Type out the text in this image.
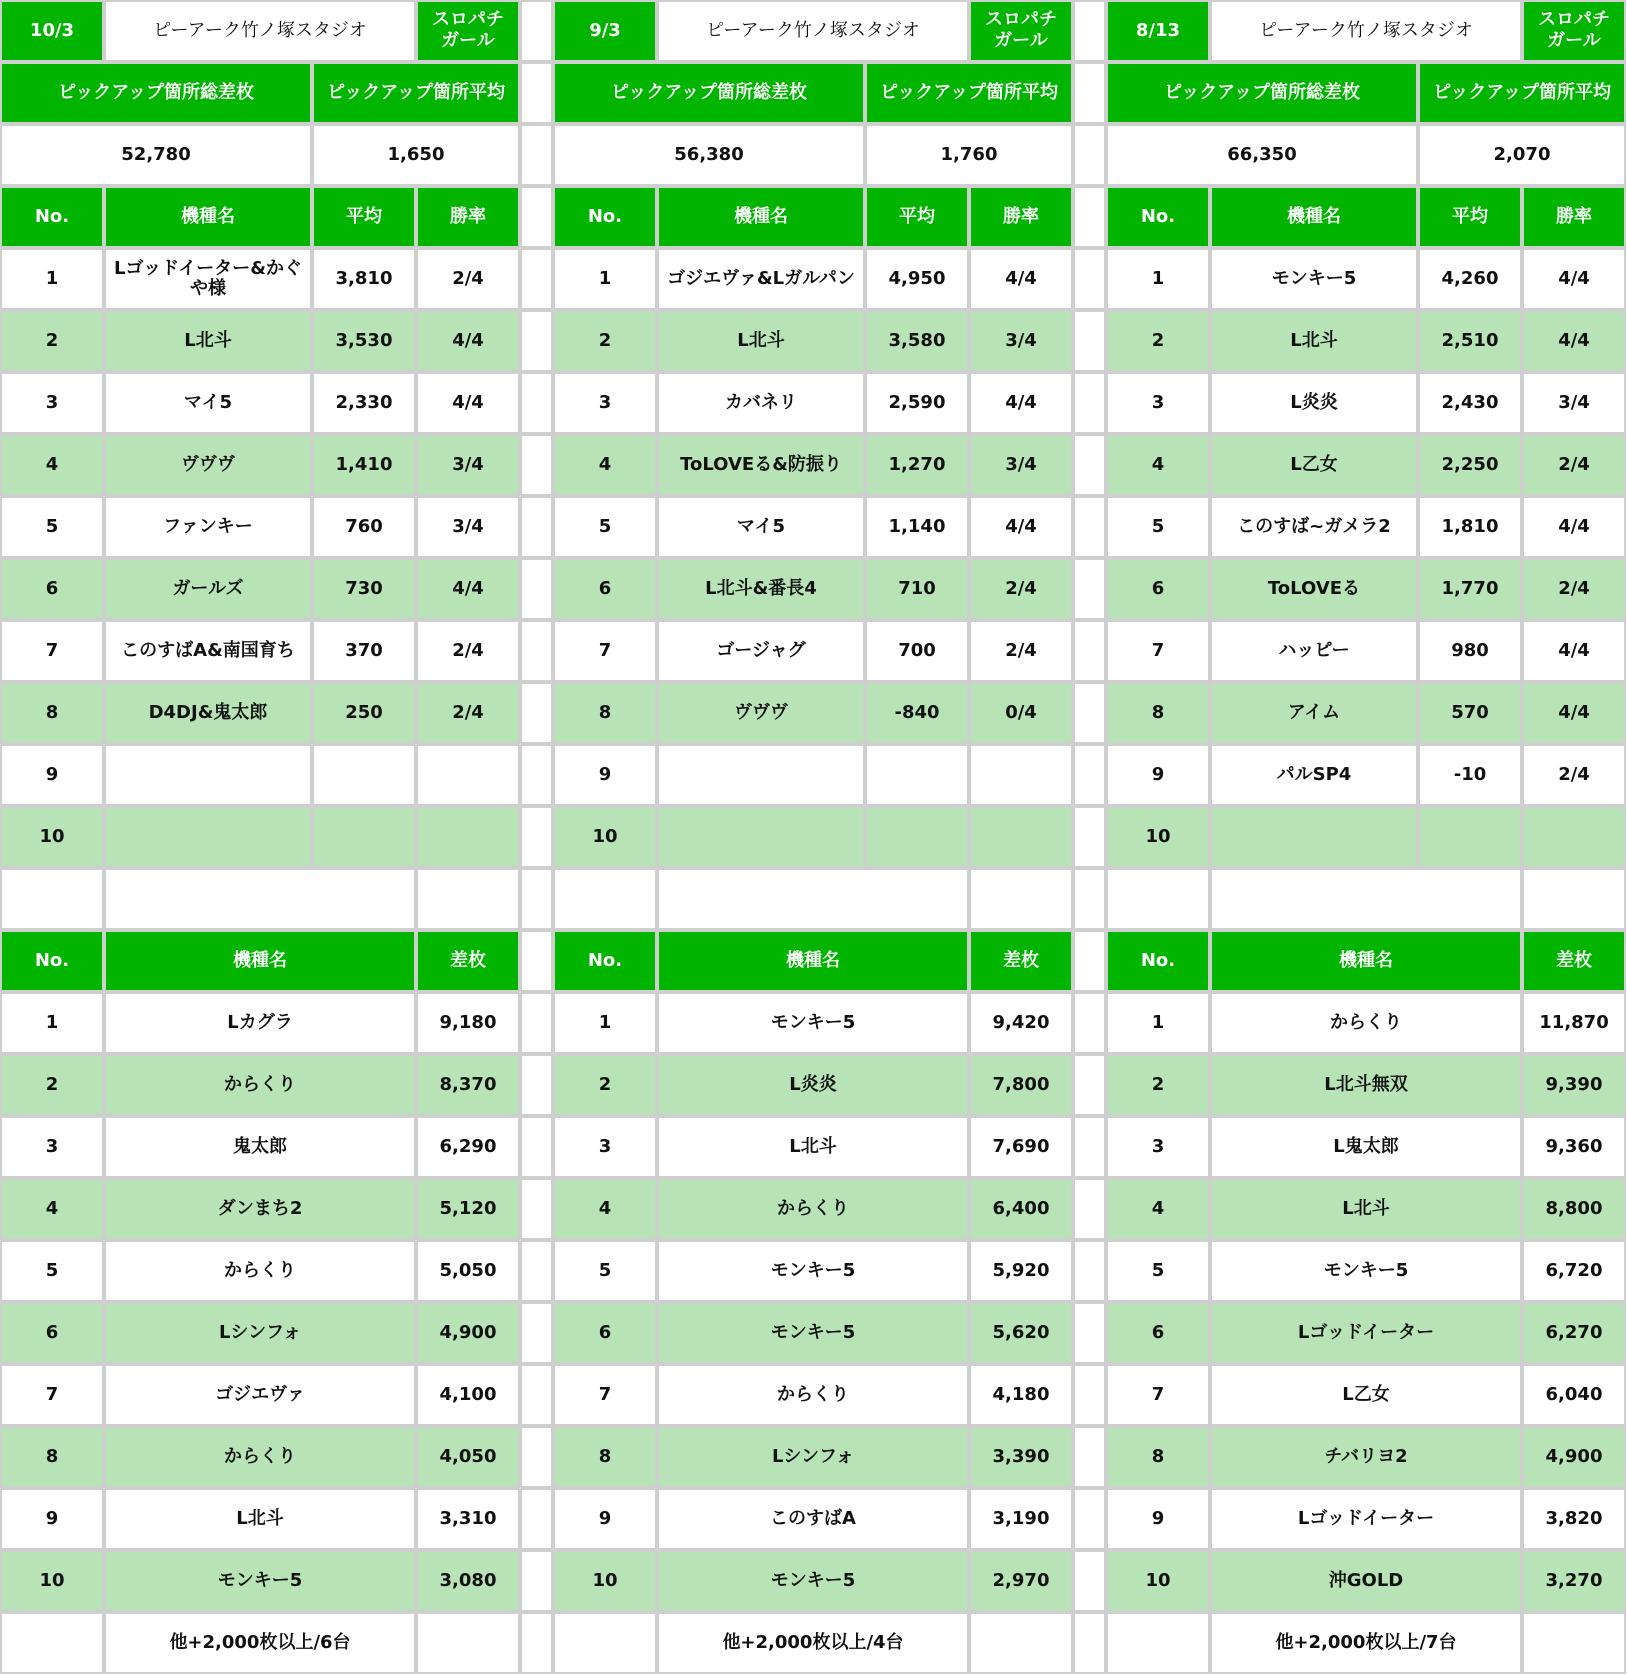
10/3	ピーアーク竹ノ塚スタジオ
スロパチ
ガール
ピックアップ箇所総差枚	ピックアップ箇所平均
52,780	1,650
No.	機種名	平均	勝率
1	Lゴッドイーター&かぐや様	3,810	2/4
2	L北斗	3,530	4/4
3	マイ5	2,330	4/4
4	ヴヴヴ	1,410	3/4
5	ファンキー	760	3/4
6	ガールズ	730	4/4
7	このすばA&南国育ち	370	2/4
8	D4DJ&鬼太郎	250	2/4
9
10
No.	機種名	差枚
1	Lカグラ	9,180
2	からくり	8,370
3	鬼太郎	6,290
4	ダンまち2	5,120
5	からくり	5,050
6	Lシンフォ	4,900
7	ゴジエヴァ	4,100
8	からくり	4,050
9	L北斗	3,310
10	モンキー5	3,080
他+2,000枚以上/6台
9/3	ピーアーク竹ノ塚スタジオ
スロパチ
ガール
ピックアップ箇所総差枚	ピックアップ箇所平均
56,380	1,760
No.	機種名	平均	勝率
1	ゴジエヴァ&Lガルパン	4,950	4/4
2	L北斗	3,580	3/4
3	カバネリ	2,590	4/4
4	ToLOVEる&防振り	1,270	3/4
5	マイ5	1,140	4/4
6	L北斗&番長4	710	2/4
7	ゴージャグ	700	2/4
8	ヴヴヴ	-840	0/4
9
10
No.	機種名	差枚
1	モンキー5	9,420
2	L炎炎	7,800
3	L北斗	7,690
4	からくり	6,400
5	モンキー5	5,920
6	モンキー5	5,620
7	からくり	4,180
8	Lシンフォ	3,390
9	このすばA	3,190
10	モンキー5	2,970
他+2,000枚以上/4台
8/13	ピーアーク竹ノ塚スタジオ
スロパチ
ガール
ピックアップ箇所総差枚	ピックアップ箇所平均
66,350	2,070
No.	機種名	平均	勝率
1	モンキー5	4,260	4/4
2	L北斗	2,510	4/4
3	L炎炎	2,430	3/4
4	L乙女	2,250	2/4
5	このすば~ガメラ2	1,810	4/4
6	ToLOVEる	1,770	2/4
7	ハッピー	980	4/4
8	アイム	570	4/4
9	パルSP4	-10	2/4
10
No.	機種名	差枚
1	からくり	11,870
2	L北斗無双	9,390
3	L鬼太郎	9,360
4	L北斗	8,800
5	モンキー5	6,720
6	Lゴッドイーター	6,270
7	L乙女	6,040
8	チバリヨ2	4,900
9	Lゴッドイーター	3,820
10	沖GOLD	3,270
他+2,000枚以上/7台
